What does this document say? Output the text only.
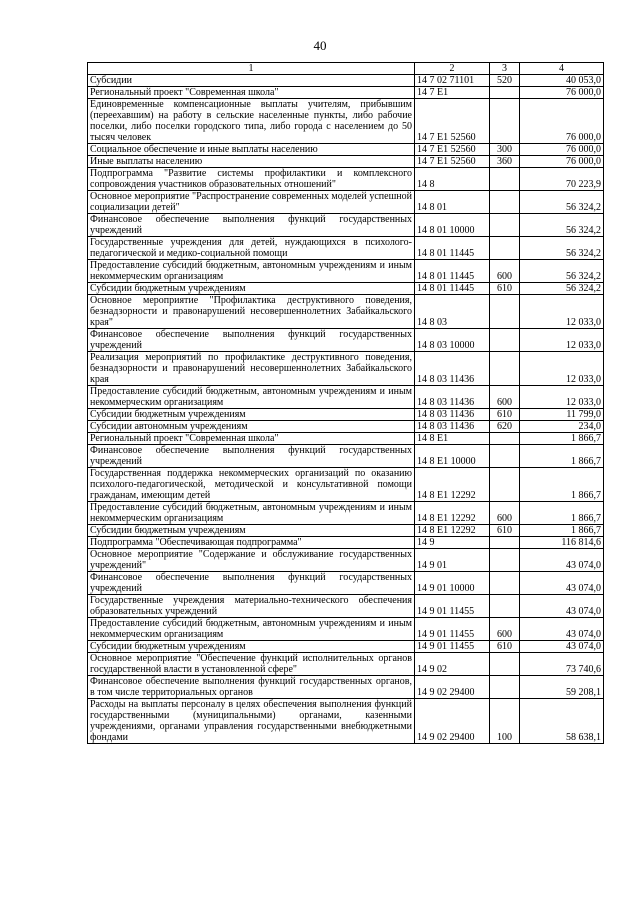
40
1	2	3	4
Субсидии	14 7 02 71101	520	40 053,0
Региональный проект "Современная школа"	14 7 E1		76 000,0
Единовременные компенсационные выплаты учителям, прибывшим (переехавшим) на работу в сельские населенные пункты, либо рабочие поселки, либо поселки городского типа, либо города с населением до 50 тысяч человек	14 7 E1 52560		76 000,0
Социальное обеспечение и иные выплаты населению	14 7 E1 52560	300	76 000,0
Иные выплаты населению	14 7 E1 52560	360	76 000,0
Подпрограмма "Развитие системы профилактики и комплексного сопровождения участников образовательных отношений"	14 8		70 223,9
Основное мероприятие "Распространение современных моделей успешной социализации детей"	14 8 01		56 324,2
Финансовое обеспечение выполнения функций государственных учреждений	14 8 01 10000		56 324,2
Государственные учреждения для детей, нуждающихся в психолого-педагогической и медико-социальной помощи	14 8 01 11445		56 324,2
Предоставление субсидий бюджетным, автономным учреждениям и иным некоммерческим организациям	14 8 01 11445	600	56 324,2
Субсидии бюджетным учреждениям	14 8 01 11445	610	56 324,2
Основное мероприятие "Профилактика деструктивного поведения, безнадзорности и правонарушений несовершеннолетних Забайкальского края"	14 8 03		12 033,0
Финансовое обеспечение выполнения функций государственных учреждений	14 8 03 10000		12 033,0
Реализация мероприятий по профилактике деструктивного поведения, безнадзорности и правонарушений несовершеннолетних Забайкальского края	14 8 03 11436		12 033,0
Предоставление субсидий бюджетным, автономным учреждениям и иным некоммерческим организациям	14 8 03 11436	600	12 033,0
Субсидии бюджетным учреждениям	14 8 03 11436	610	11 799,0
Субсидии автономным учреждениям	14 8 03 11436	620	234,0
Региональный проект "Современная школа"	14 8 E1		1 866,7
Финансовое обеспечение выполнения функций государственных учреждений	14 8 E1 10000		1 866,7
Государственная поддержка некоммерческих организаций по оказанию психолого-педагогической, методической и консультативной помощи гражданам, имеющим детей	14 8 E1 12292		1 866,7
Предоставление субсидий бюджетным, автономным учреждениям и иным некоммерческим организациям	14 8 E1 12292	600	1 866,7
Субсидии бюджетным учреждениям	14 8 E1 12292	610	1 866,7
Подпрограмма "Обеспечивающая подпрограмма"	14 9		116 814,6
Основное мероприятие "Содержание и обслуживание государственных учреждений"	14 9 01		43 074,0
Финансовое обеспечение выполнения функций государственных учреждений	14 9 01 10000		43 074,0
Государственные учреждения материально-технического обеспечения образовательных учреждений	14 9 01 11455		43 074,0
Предоставление субсидий бюджетным, автономным учреждениям и иным некоммерческим организациям	14 9 01 11455	600	43 074,0
Субсидии бюджетным учреждениям	14 9 01 11455	610	43 074,0
Основное мероприятие "Обеспечение функций исполнительных органов государственной власти в установленной сфере"	14 9 02		73 740,6
Финансовое обеспечение выполнения функций государственных органов, в том числе территориальных органов	14 9 02 29400		59 208,1
Расходы на выплаты персоналу в целях обеспечения выполнения функций государственными (муниципальными) органами, казенными учреждениями, органами управления государственными внебюджетными фондами	14 9 02 29400	100	58 638,1
